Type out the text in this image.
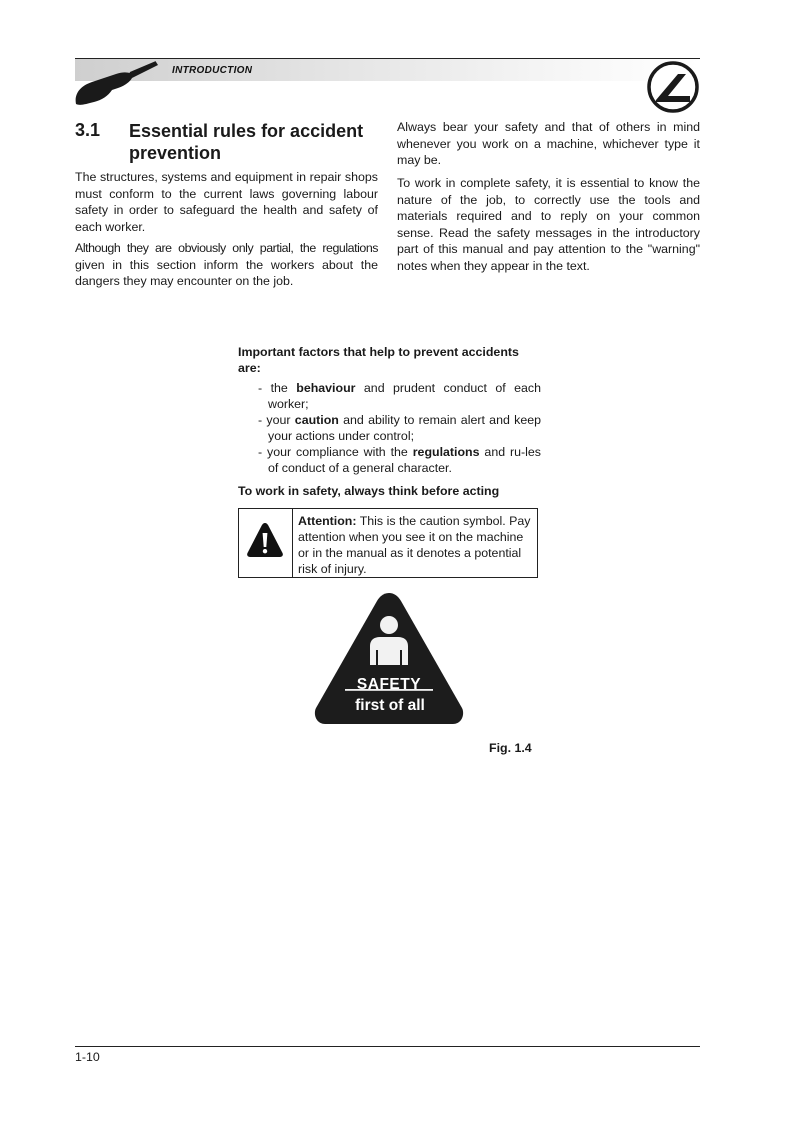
INTRODUCTION
3.1 Essential rules for accident prevention

The structures, systems and equipment in repair shops must conform to the current laws governing labour safety in order to safeguard the health and safety of each worker.

Although they are obviously only partial, the regulations given in this section inform the workers about the dangers they may encounter on the job.

Always bear your safety and that of others in mind whenever you work on a machine, whichever type it may be.

To work in complete safety, it is essential to know the nature of the job, to correctly use the tools and materials required and to reply on your common sense. Read the safety messages in the introductory part of this manual and pay attention to the "warning" notes when they appear in the text.

Important factors that help to prevent accidents are:

- the behaviour and prudent conduct of each worker;
- your caution and ability to remain alert and keep your actions under control;
- your compliance with the regulations and ru-les of conduct of a general character.

To work in safety, always think before acting

Attention: This is the caution symbol. Pay attention when you see it on the machine or in the manual as it denotes a potential risk of injury.

SAFETY
first of all
Fig. 1.4
1-10
